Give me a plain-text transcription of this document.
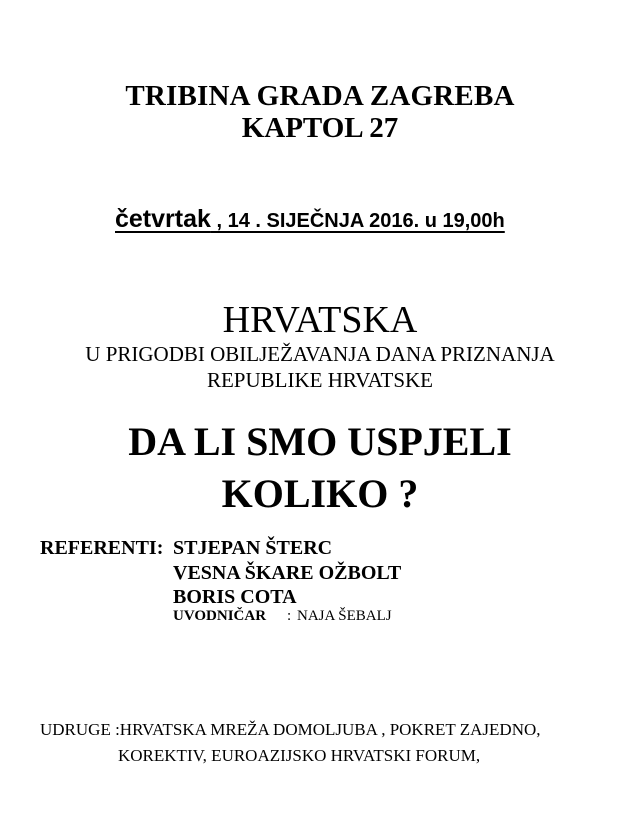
TRIBINA GRADA ZAGREBA
KAPTOL 27
četvrtak , 14 . SIJEČNJA 2016. u 19,00h
HRVATSKA
U PRIGODBI OBILJEŽAVANJA DANA PRIZNANJA
REPUBLIKE HRVATSKE
DA LI SMO USPJELI
KOLIKO ?
REFERENTI: STJEPAN ŠTERC
VESNA ŠKARE OŽBOLT
BORIS COTA
UVODNIČAR : NAJA ŠEBALJ
UDRUGE :HRVATSKA MREŽA DOMOLJUBA , POKRET ZAJEDNO,
KOREKTIV, EUROAZIJSKO HRVATSKI FORUM,
